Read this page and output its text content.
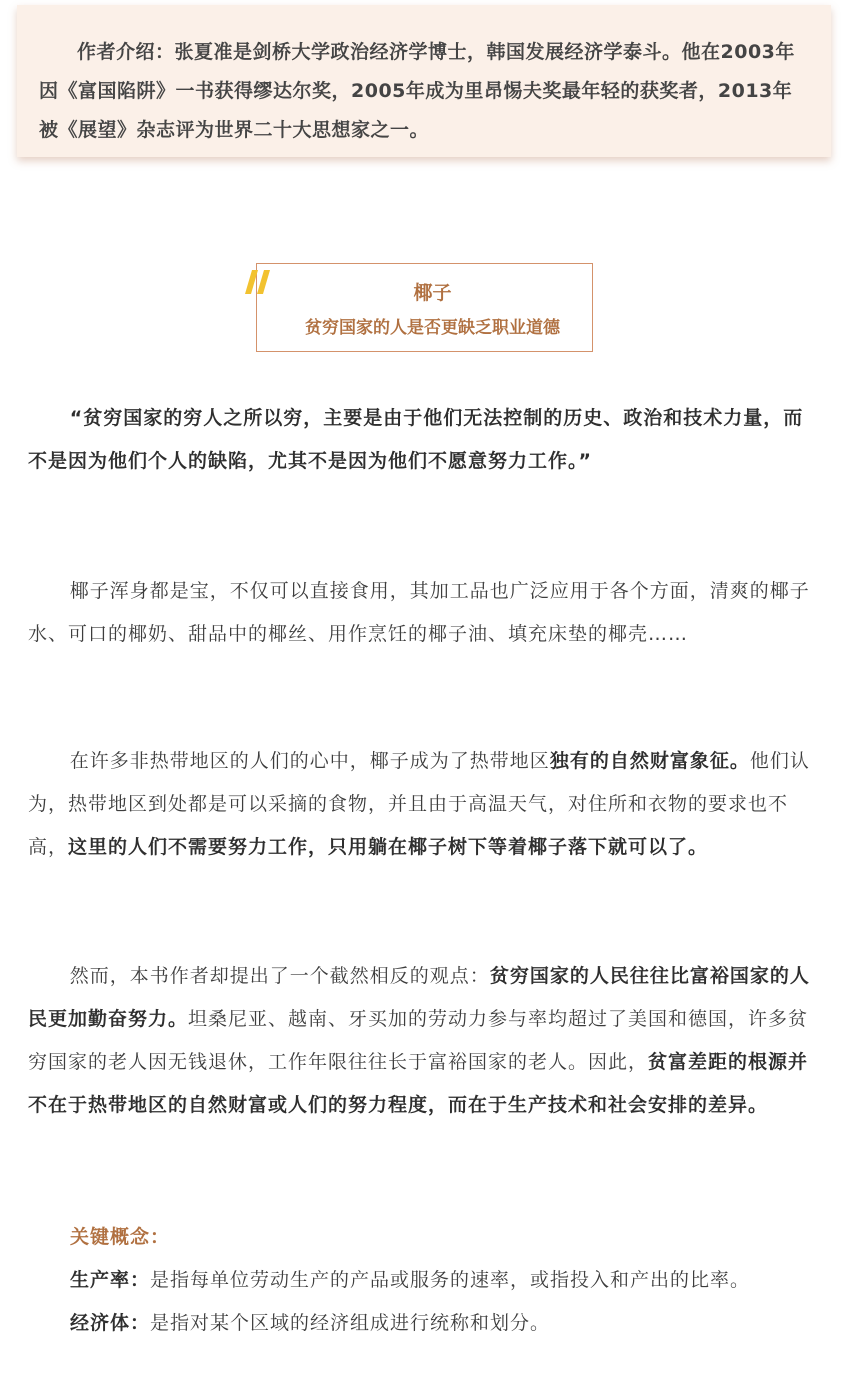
作者介绍：张夏准是剑桥大学政治经济学博士，韩国发展经济学泰斗。他在2003年因《富国陷阱》一书获得缪达尔奖，2005年成为里昂惕夫奖最年轻的获奖者，2013年被《展望》杂志评为世界二十大思想家之一。

椰子
贫穷国家的人是否更缺乏职业道德

“贫穷国家的穷人之所以穷，主要是由于他们无法控制的历史、政治和技术力量，而不是因为他们个人的缺陷，尤其不是因为他们不愿意努力工作。”

椰子浑身都是宝，不仅可以直接食用，其加工品也广泛应用于各个方面，清爽的椰子水、可口的椰奶、甜品中的椰丝、用作烹饪的椰子油、填充床垫的椰壳……

在许多非热带地区的人们的心中，椰子成为了热带地区独有的自然财富象征。他们认为，热带地区到处都是可以采摘的食物，并且由于高温天气，对住所和衣物的要求也不高，这里的人们不需要努力工作，只用躺在椰子树下等着椰子落下就可以了。

然而，本书作者却提出了一个截然相反的观点：贫穷国家的人民往往比富裕国家的人民更加勤奋努力。坦桑尼亚、越南、牙买加的劳动力参与率均超过了美国和德国，许多贫穷国家的老人因无钱退休，工作年限往往长于富裕国家的老人。因此，贫富差距的根源并不在于热带地区的自然财富或人们的努力程度，而在于生产技术和社会安排的差异。

关键概念：

生产率：是指每单位劳动生产的产品或服务的速率，或指投入和产出的比率。

经济体：是指对某个区域的经济组成进行统称和划分。
